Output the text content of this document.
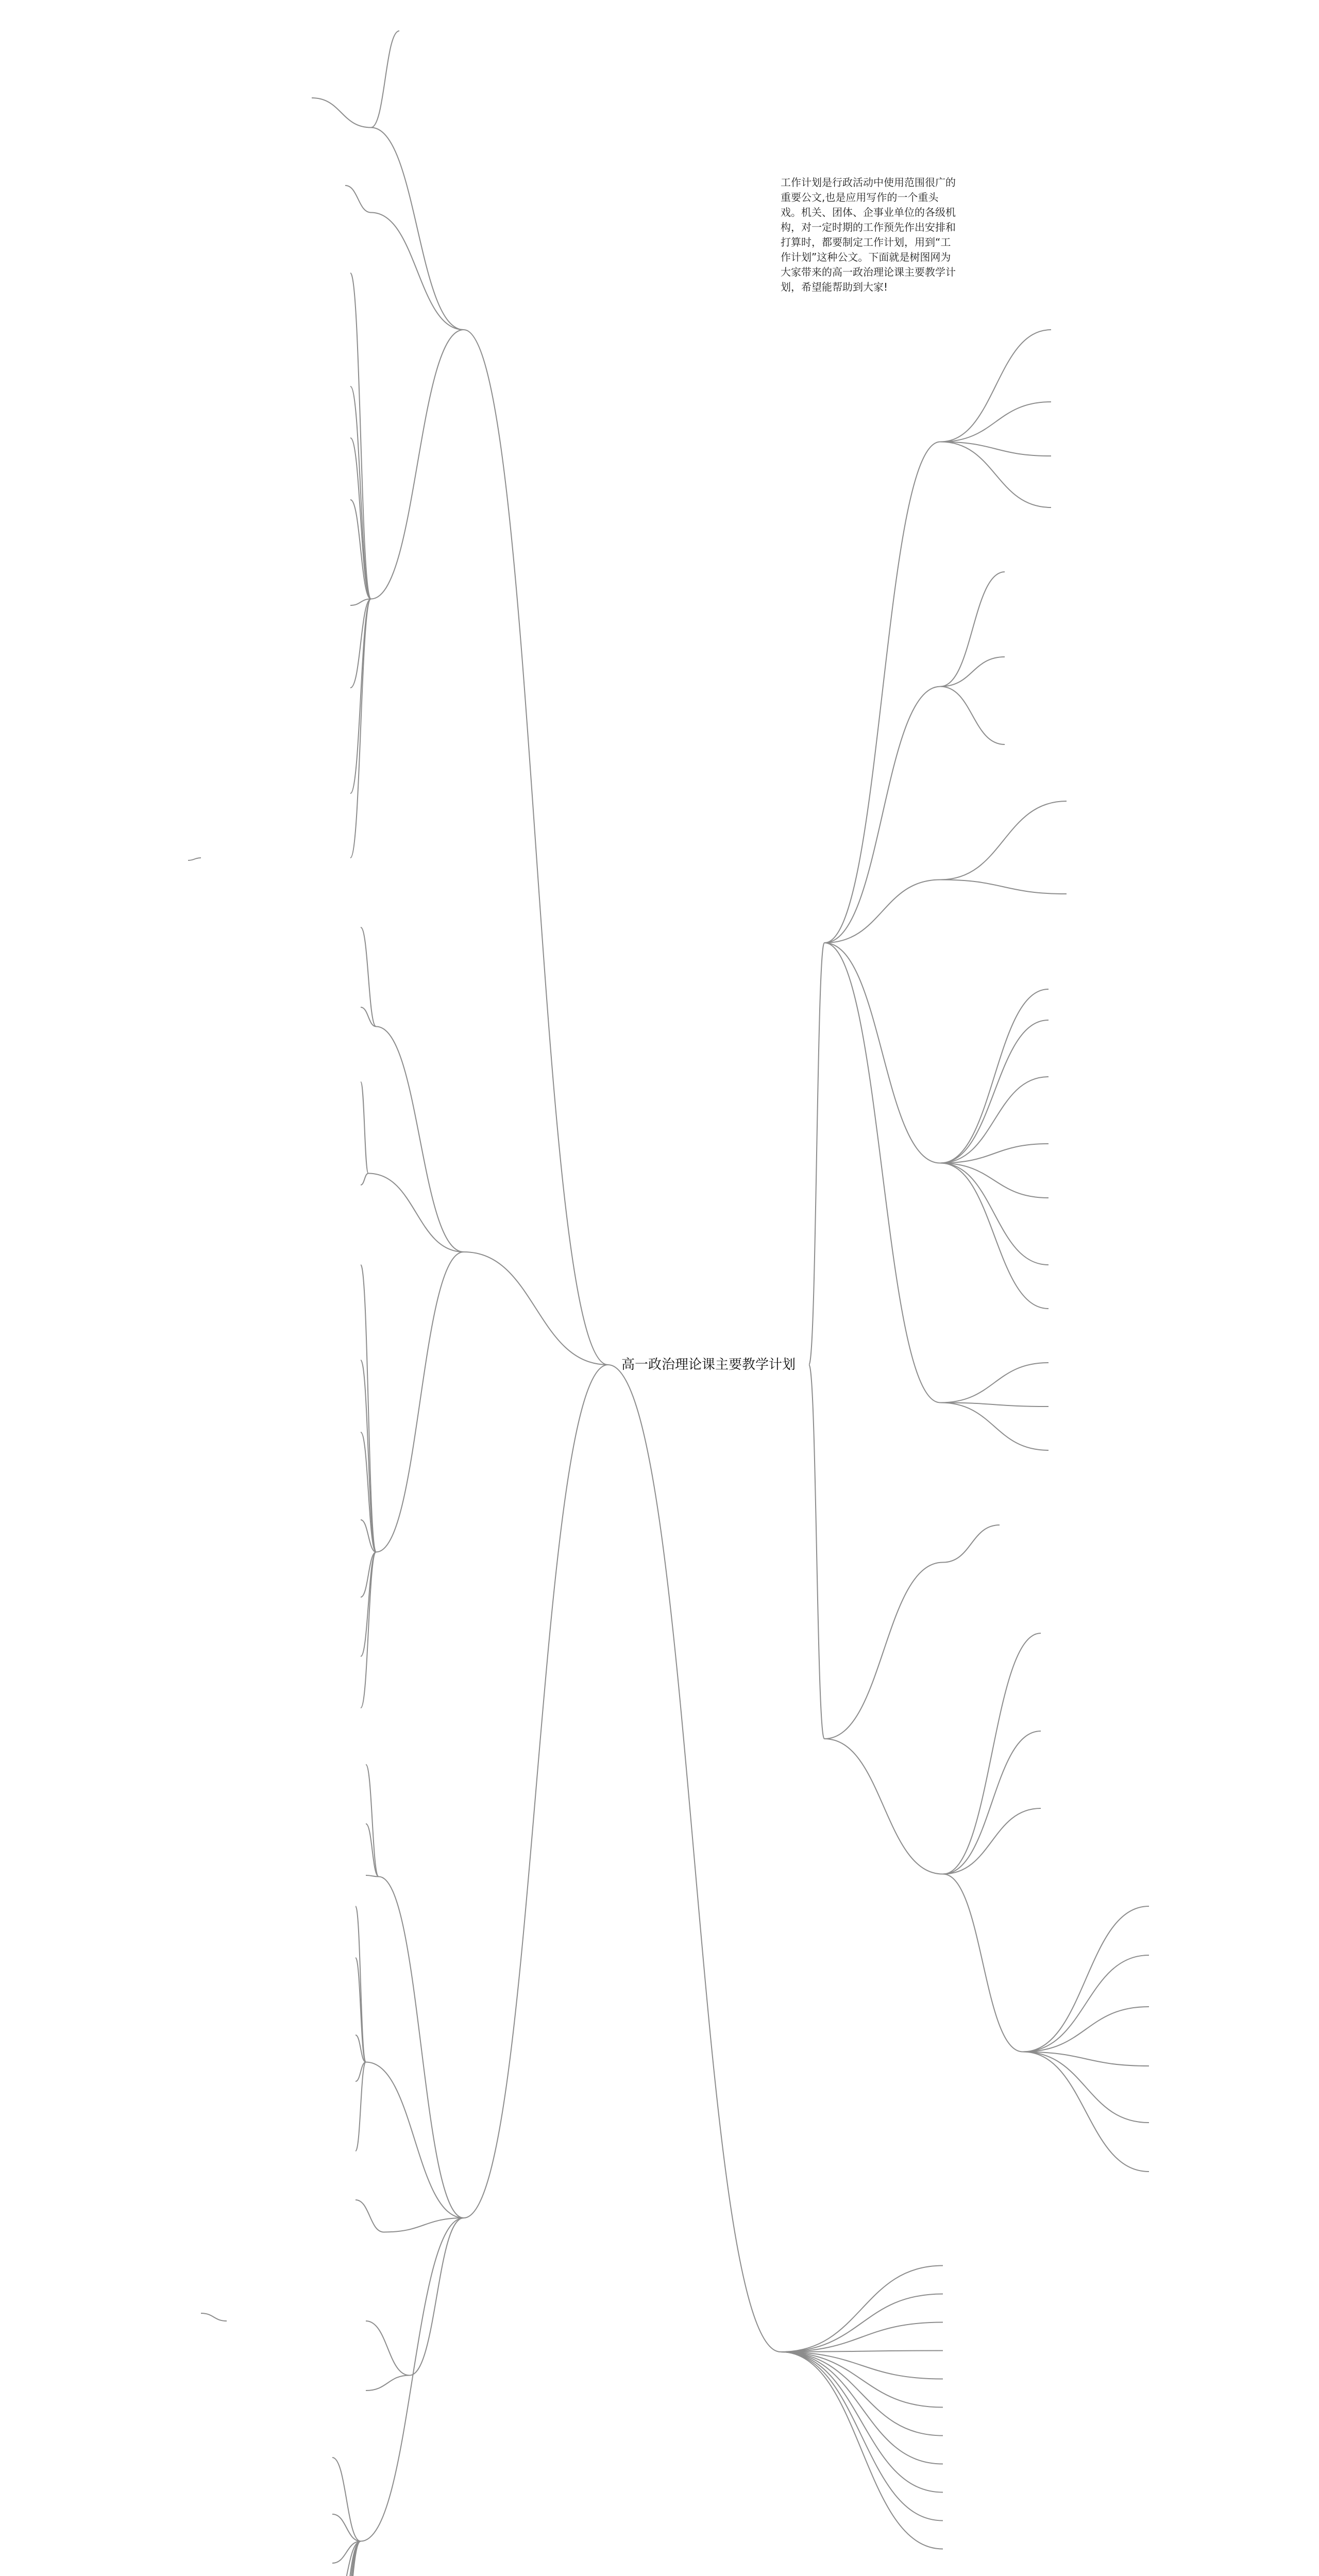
高一政治理论课主要教学计划
工作计划是行政活动中使用范围很广的重要公文,也是应用写作的一个重头戏。机关、团体、企事业单位的各级机构，对一定时期的工作预先作出安排和打算时，都要制定工作计划，用到“工作计划”这种公文。下面就是树图网为大家带来的高一政治理论课主要教学计划，希望能帮助到大家!
